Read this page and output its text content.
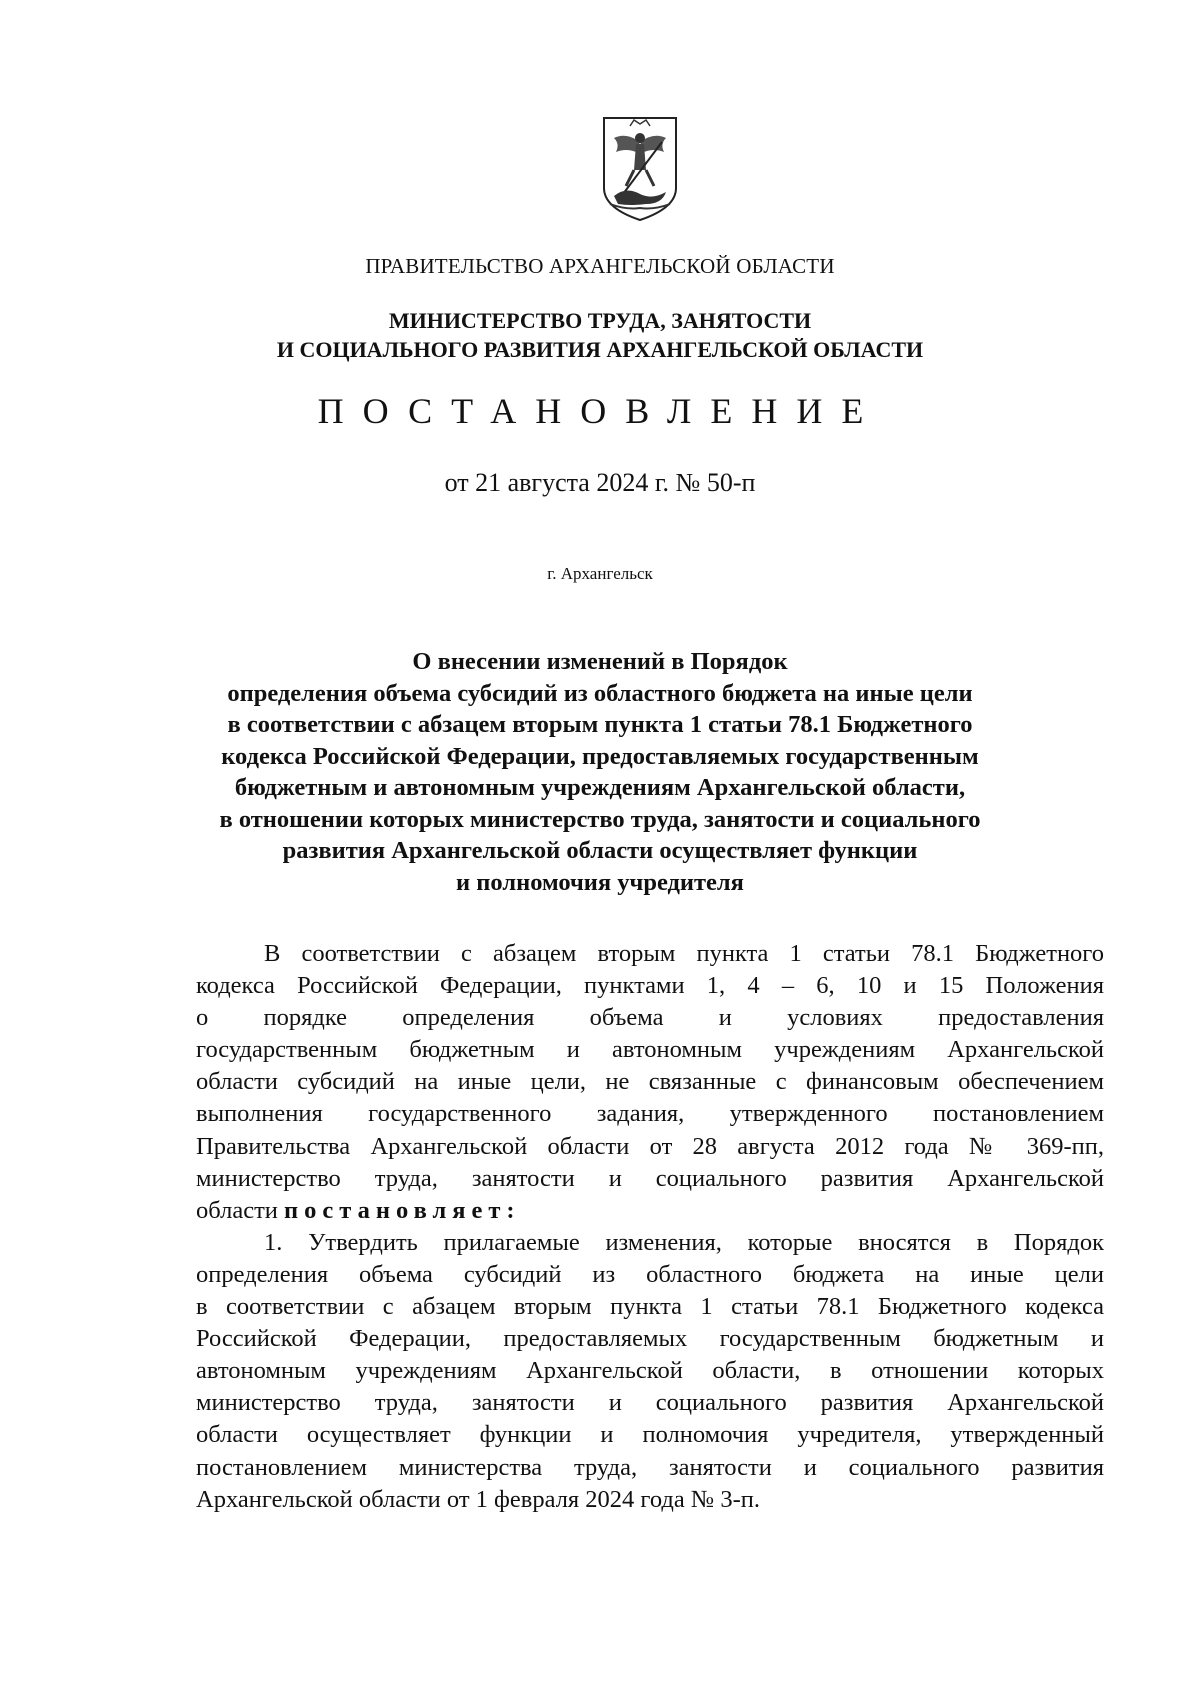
ПРАВИТЕЛЬСТВО АРХАНГЕЛЬСКОЙ ОБЛАСТИ
МИНИСТЕРСТВО ТРУДА, ЗАНЯТОСТИ
И СОЦИАЛЬНОГО РАЗВИТИЯ АРХАНГЕЛЬСКОЙ ОБЛАСТИ
ПОСТАНОВЛЕНИЕ
от 21 августа 2024 г. № 50-п
г. Архангельск
О внесении изменений в Порядок
определения объема субсидий из областного бюджета на иные цели
в соответствии с абзацем вторым пункта 1 статьи 78.1 Бюджетного
кодекса Российской Федерации, предоставляемых государственным
бюджетным и автономным учреждениям Архангельской области,
в отношении которых министерство труда, занятости и социального
развития Архангельской области осуществляет функции
и полномочия учредителя
В соответствии с абзацем вторым пункта 1 статьи 78.1 Бюджетного
кодекса Российской Федерации, пунктами 1, 4 – 6, 10 и 15 Положения
о порядке определения объема и условиях предоставления
государственным бюджетным и автономным учреждениям Архангельской
области субсидий на иные цели, не связанные с финансовым обеспечением
выполнения государственного задания, утвержденного постановлением
Правительства Архангельской области от 28 августа 2012 года № 369-пп,
министерство труда, занятости и социального развития Архангельской
области постановляет:
1. Утвердить прилагаемые изменения, которые вносятся в Порядок
определения объема субсидий из областного бюджета на иные цели
в соответствии с абзацем вторым пункта 1 статьи 78.1 Бюджетного кодекса
Российской Федерации, предоставляемых государственным бюджетным и
автономным учреждениям Архангельской области, в отношении которых
министерство труда, занятости и социального развития Архангельской
области осуществляет функции и полномочия учредителя, утвержденный
постановлением министерства труда, занятости и социального развития
Архангельской области от 1 февраля 2024 года № 3-п.
